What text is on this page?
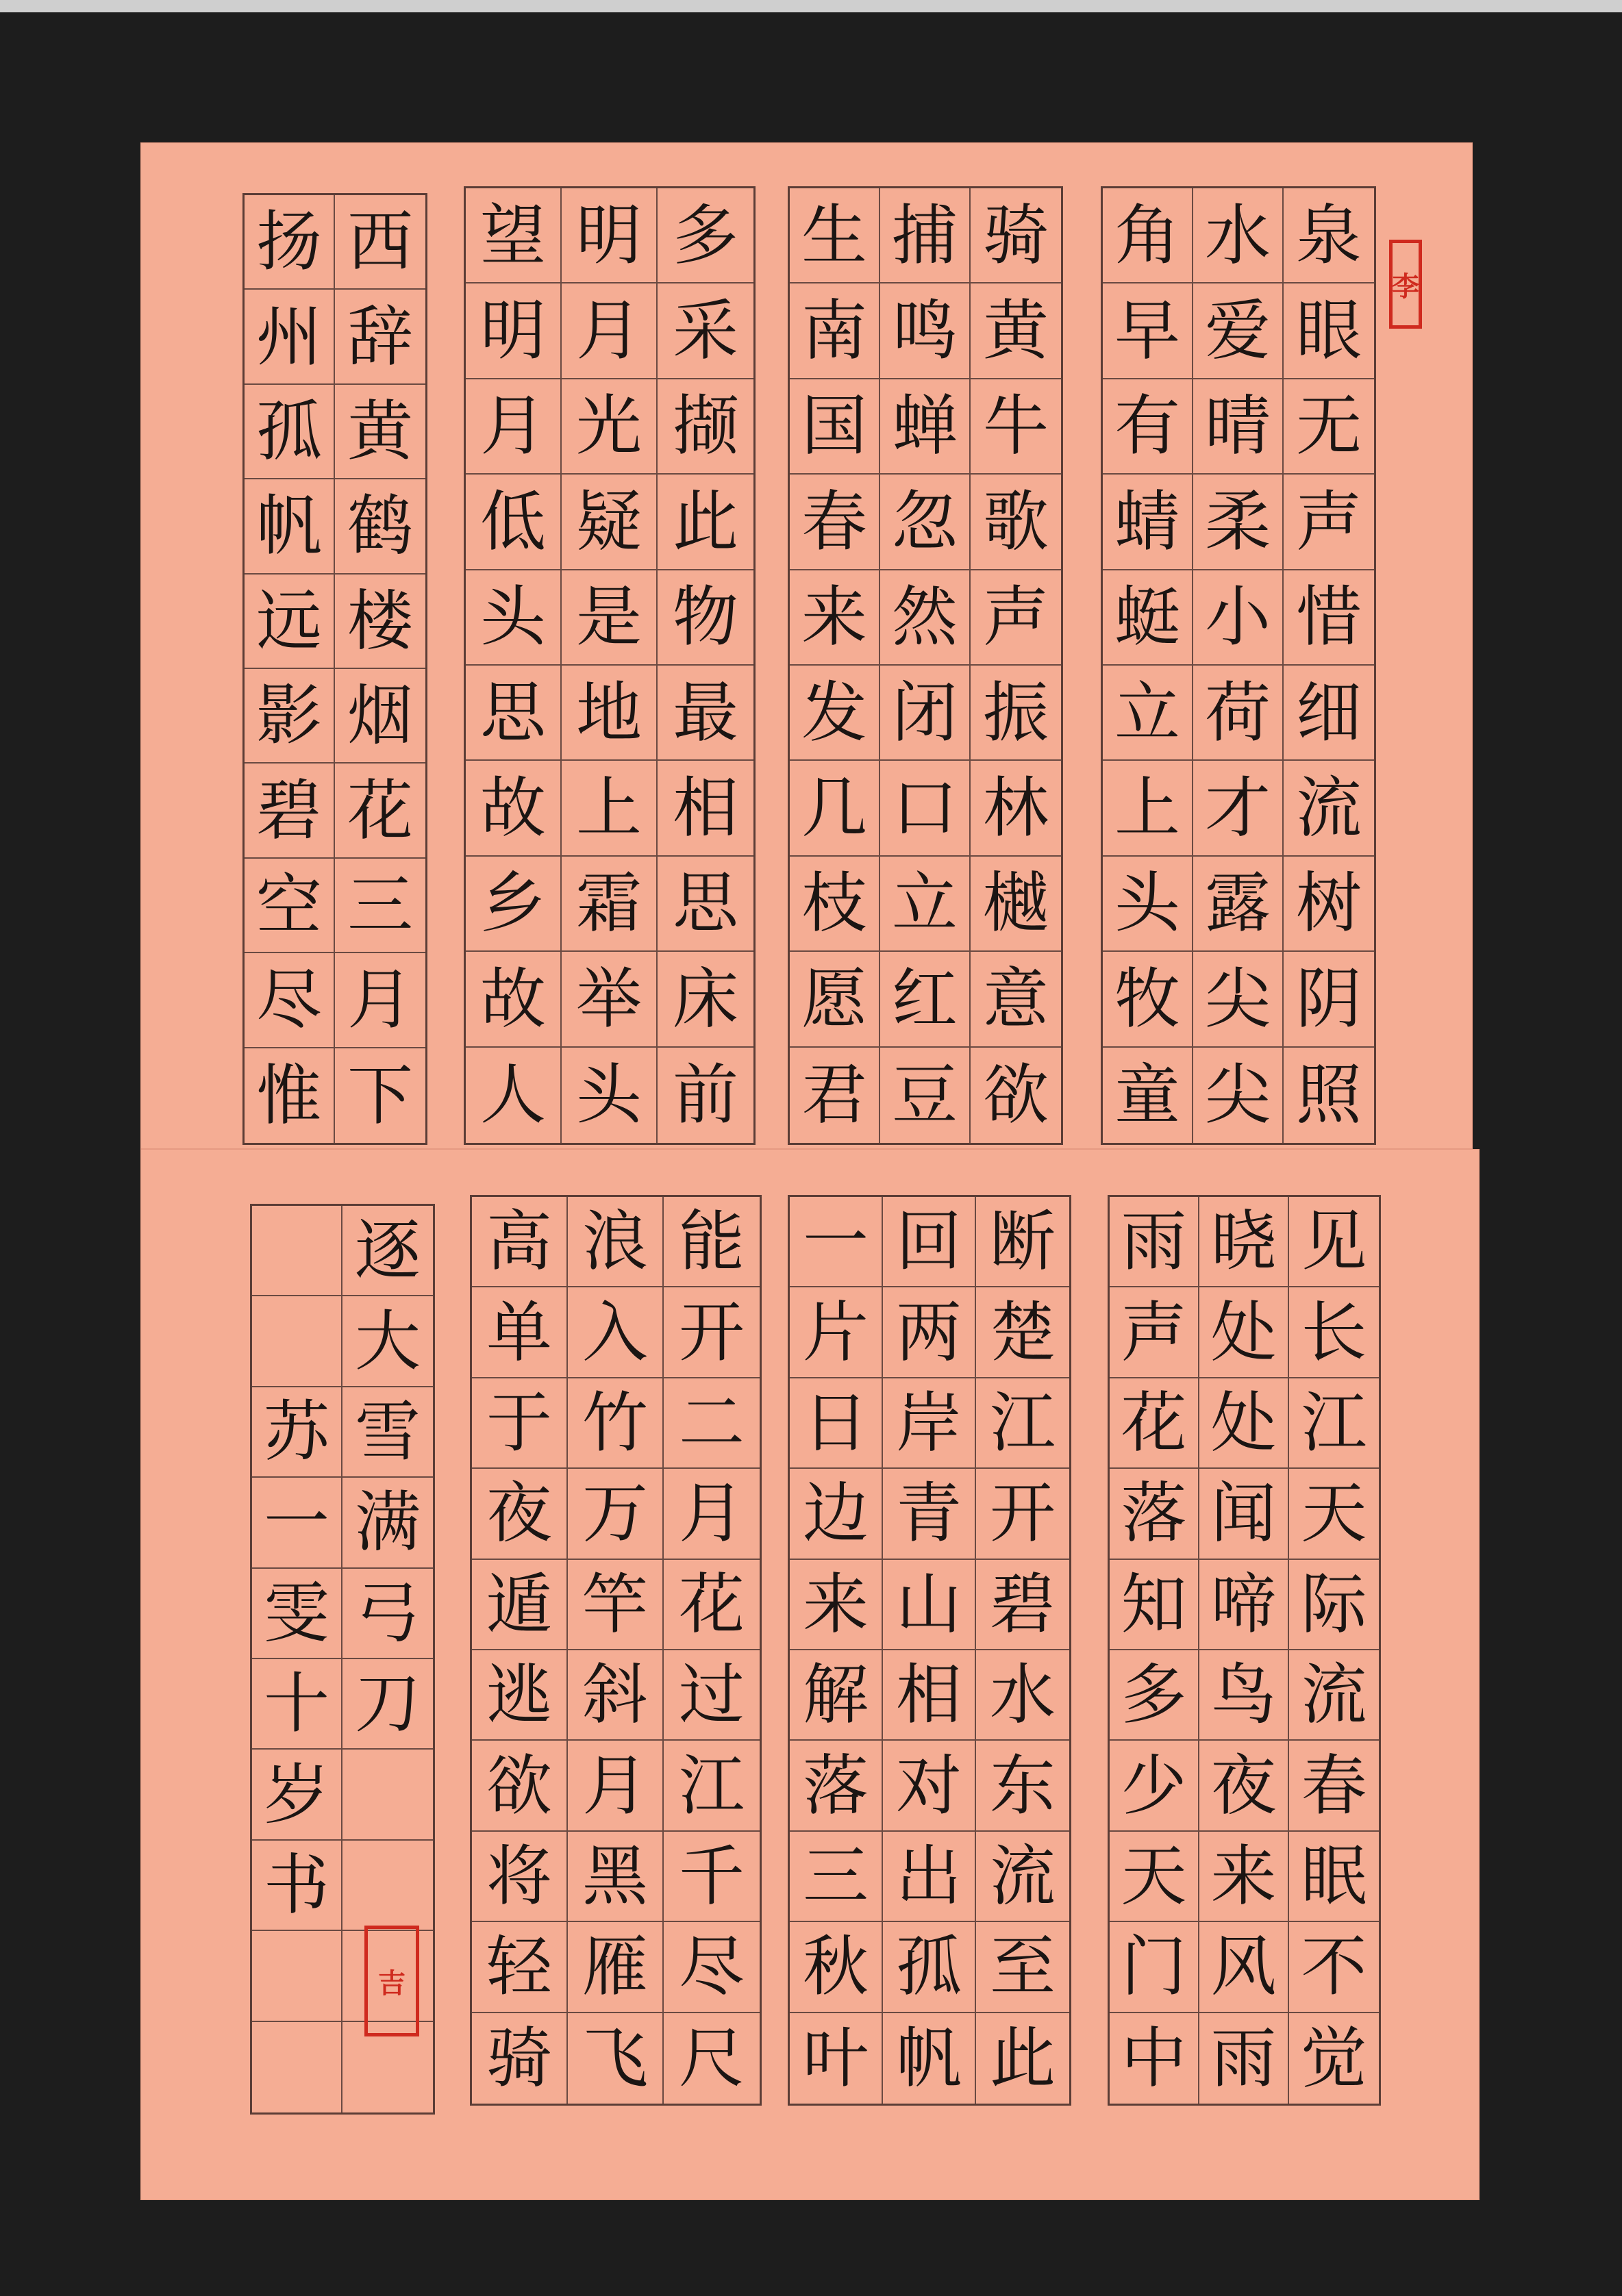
泉
眼
无
声
惜
细
流
树
阴
照
水
爱
晴
柔
小
荷
才
露
尖
尖
角
早
有
蜻
蜓
立
上
头
牧
童
骑
黄
牛
歌
声
振
林
樾
意
欲
捕
鸣
蝉
忽
然
闭
口
立
红
豆
生
南
国
春
来
发
几
枝
愿
君
多
采
撷
此
物
最
相
思
床
前
明
月
光
疑
是
地
上
霜
举
头
望
明
月
低
头
思
故
乡
故
人
西
辞
黄
鹤
楼
烟
花
三
月
下
扬
州
孤
帆
远
影
碧
空
尽
惟
见
长
江
天
际
流
春
眠
不
觉
晓
处
处
闻
啼
鸟
夜
来
风
雨
雨
声
花
落
知
多
少
天
门
中
断
楚
江
开
碧
水
东
流
至
此
回
两
岸
青
山
相
对
出
孤
帆
一
片
日
边
来
解
落
三
秋
叶
能
开
二
月
花
过
江
千
尽
尺
浪
入
竹
万
竿
斜
月
黑
雁
飞
高
单
于
夜
遁
逃
欲
将
轻
骑
逐
大
雪
满
弓
刀
苏
一
雯
十
岁
书
李
吉
